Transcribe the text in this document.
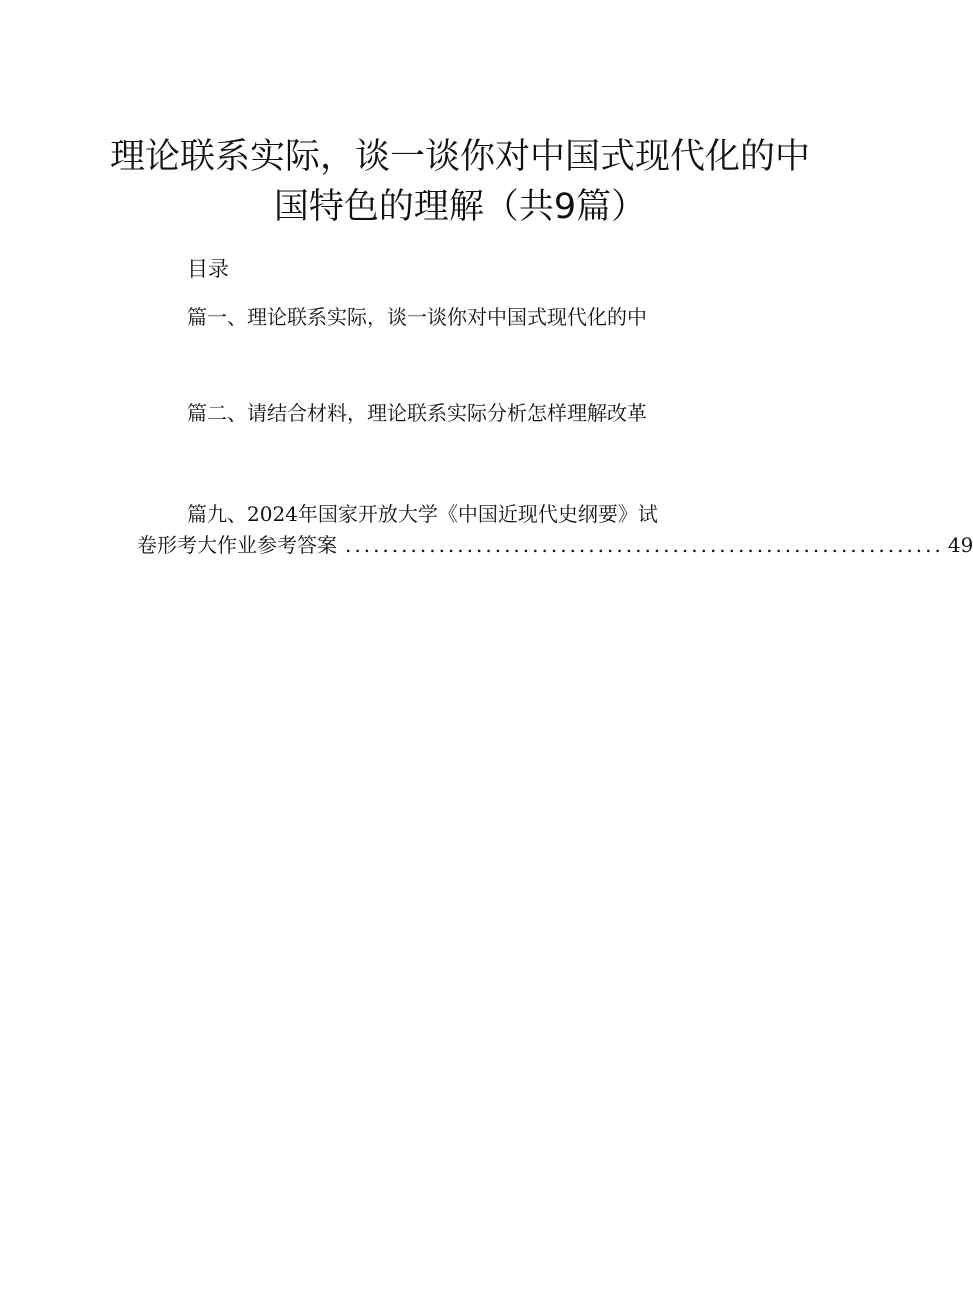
理论联系实际，谈一谈你对中国式现代化的中
国特色的理解（共9篇）
目录
篇一、理论联系实际，谈一谈你对中国式现代化的中
篇二、请结合材料，理论联系实际分析怎样理解改革
篇九、2024年国家开放大学《中国近现代史纲要》试
卷形考大作业参考答案 ................................................................ 49
